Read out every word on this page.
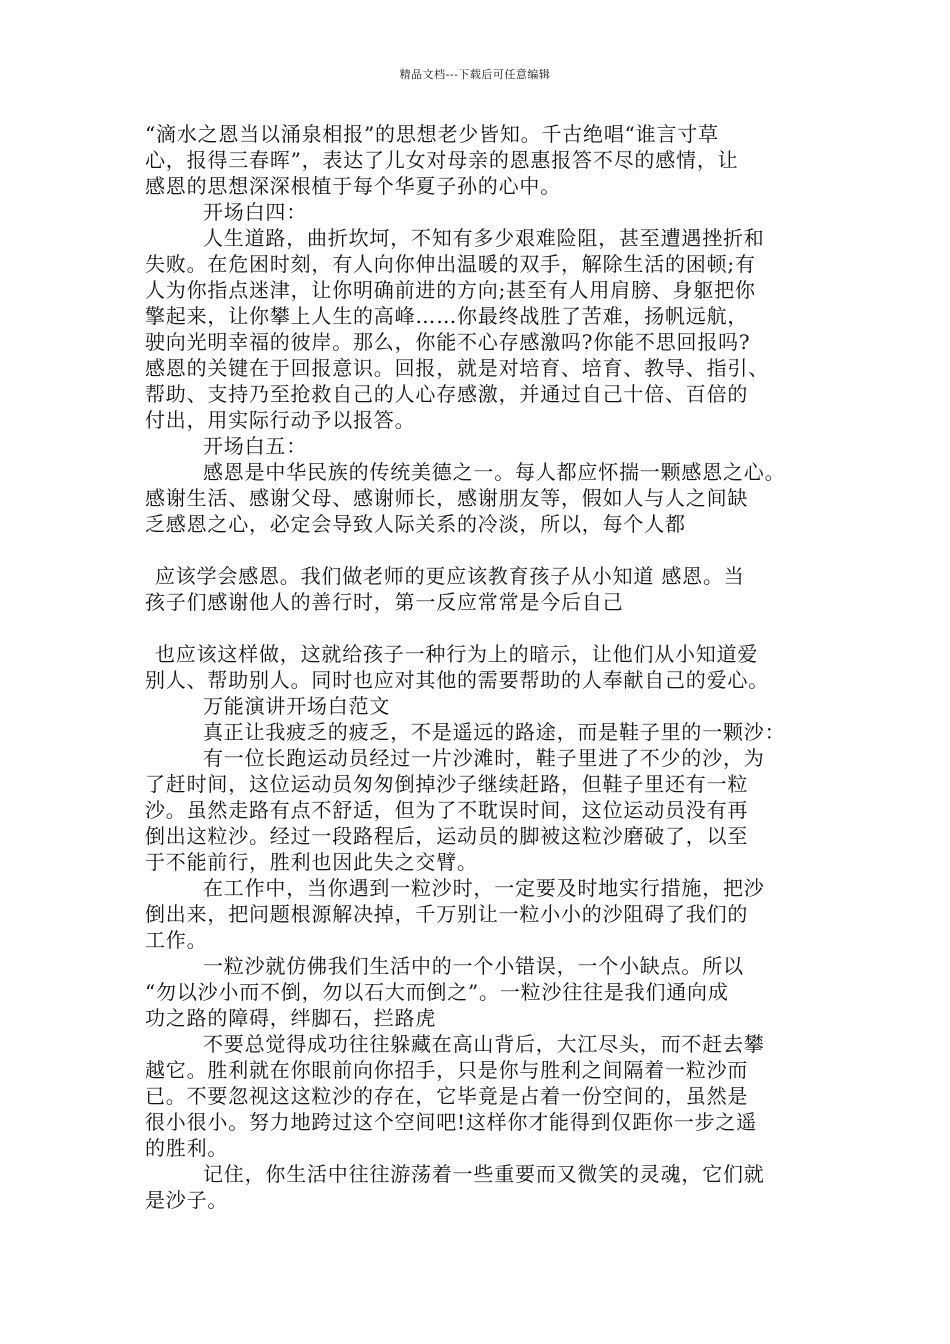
精品文档---下载后可任意编辑
“滴水之恩当以涌泉相报”的思想老少皆知。千古绝唱“谁言寸草
心，报得三春晖”，表达了儿女对母亲的恩惠报答不尽的感情，让
感恩的思想深深根植于每个华夏子孙的心中。
开场白四：
人生道路，曲折坎坷，不知有多少艰难险阻，甚至遭遇挫折和
失败。在危困时刻，有人向你伸出温暖的双手，解除生活的困顿;有
人为你指点迷津，让你明确前进的方向;甚至有人用肩膀、身躯把你
擎起来，让你攀上人生的高峰……你最终战胜了苦难，扬帆远航，
驶向光明幸福的彼岸。那么，你能不心存感激吗?你能不思回报吗?
感恩的关键在于回报意识。回报，就是对培育、培育、教导、指引、
帮助、支持乃至抢救自己的人心存感激，并通过自己十倍、百倍的
付出，用实际行动予以报答。
开场白五：
感恩是中华民族的传统美德之一。每人都应怀揣一颗感恩之心。
感谢生活、感谢父母、感谢师长，感谢朋友等，假如人与人之间缺
乏感恩之心，必定会导致人际关系的冷淡，所以，每个人都
应该学会感恩。我们做老师的更应该教育孩子从小知道 感恩。当
孩子们感谢他人的善行时，第一反应常常是今后自己
也应该这样做，这就给孩子一种行为上的暗示，让他们从小知道爱
别人、帮助别人。同时也应对其他的需要帮助的人奉献自己的爱心。
万能演讲开场白范文
真正让我疲乏的疲乏，不是遥远的路途，而是鞋子里的一颗沙：
有一位长跑运动员经过一片沙滩时，鞋子里进了不少的沙，为
了赶时间，这位运动员匆匆倒掉沙子继续赶路，但鞋子里还有一粒
沙。虽然走路有点不舒适，但为了不耽误时间，这位运动员没有再
倒出这粒沙。经过一段路程后，运动员的脚被这粒沙磨破了，以至
于不能前行，胜利也因此失之交臂。
在工作中，当你遇到一粒沙时，一定要及时地实行措施，把沙
倒出来，把问题根源解决掉，千万别让一粒小小的沙阻碍了我们的
工作。
一粒沙就仿佛我们生活中的一个小错误，一个小缺点。所以
“勿以沙小而不倒，勿以石大而倒之”。一粒沙往往是我们通向成
功之路的障碍，绊脚石，拦路虎
不要总觉得成功往往躲藏在高山背后，大江尽头，而不赶去攀
越它。胜利就在你眼前向你招手，只是你与胜利之间隔着一粒沙而
已。不要忽视这这粒沙的存在，它毕竟是占着一份空间的，虽然是
很小很小。努力地跨过这个空间吧!这样你才能得到仅距你一步之遥
的胜利。
记住，你生活中往往游荡着一些重要而又微笑的灵魂，它们就
是沙子。
